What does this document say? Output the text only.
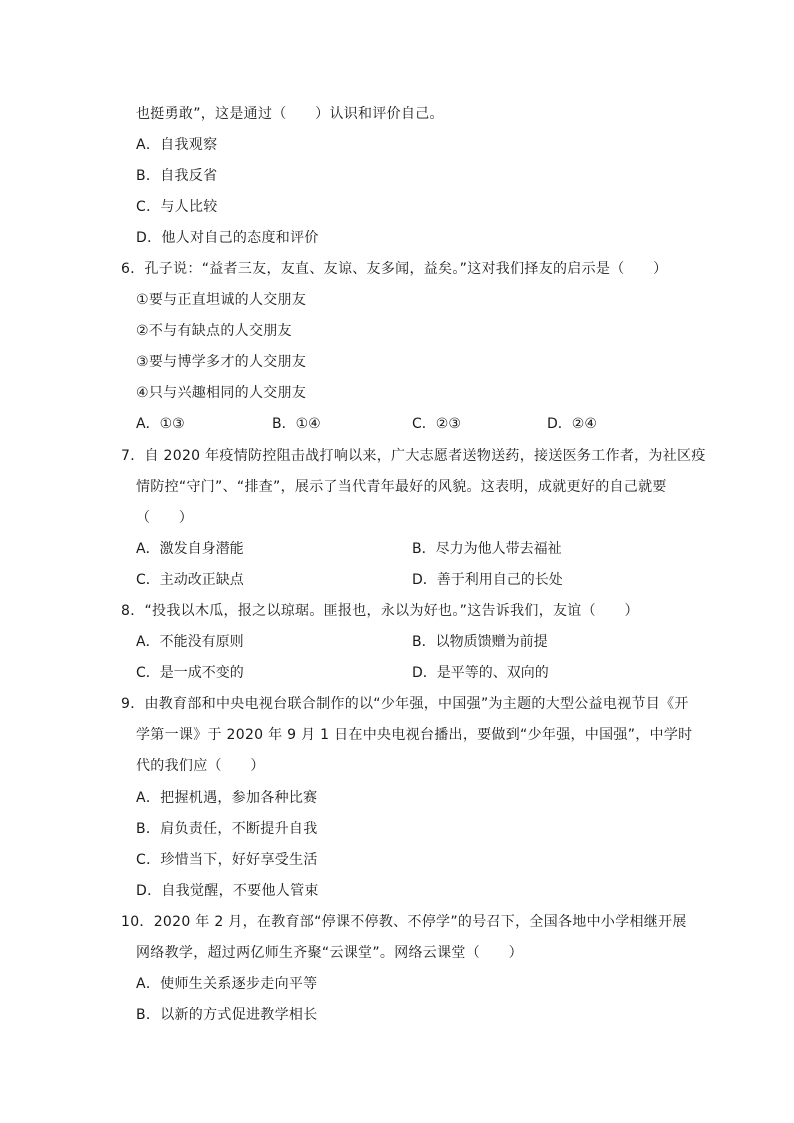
也挺勇敢”，这是通过（　　）认识和评价自己。
A．自我观察
B．自我反省
C．与人比较
D．他人对自己的态度和评价
6．孔子说：“益者三友，友直、友谅、友多闻，益矣。”这对我们择友的启示是（　　）
①要与正直坦诚的人交朋友
②不与有缺点的人交朋友
③要与博学多才的人交朋友
④只与兴趣相同的人交朋友
A．①③	B．①④	C．②③	D．②④
7．自 2020 年疫情防控阻击战打响以来，广大志愿者送物送药，接送医务工作者，为社区疫
情防控“守门”、“排查”，展示了当代青年最好的风貌。这表明，成就更好的自己就要
（　　）
A．激发自身潜能	B．尽力为他人带去福祉
C．主动改正缺点	D．善于利用自己的长处
8．“投我以木瓜，报之以琼琚。匪报也，永以为好也。”这告诉我们，友谊（　　）
A．不能没有原则	B．以物质馈赠为前提
C．是一成不变的	D．是平等的、双向的
9．由教育部和中央电视台联合制作的以“少年强，中国强”为主题的大型公益电视节目《开
学第一课》于 2020 年 9 月 1 日在中央电视台播出，要做到“少年强，中国强”，中学时
代的我们应（　　）
A．把握机遇，参加各种比赛
B．肩负责任，不断提升自我
C．珍惜当下，好好享受生活
D．自我觉醒，不要他人管束
10．2020 年 2 月，在教育部“停课不停教、不停学”的号召下，全国各地中小学相继开展
网络教学，超过两亿师生齐聚“云课堂”。网络云课堂（　　）
A．使师生关系逐步走向平等
B．以新的方式促进教学相长
